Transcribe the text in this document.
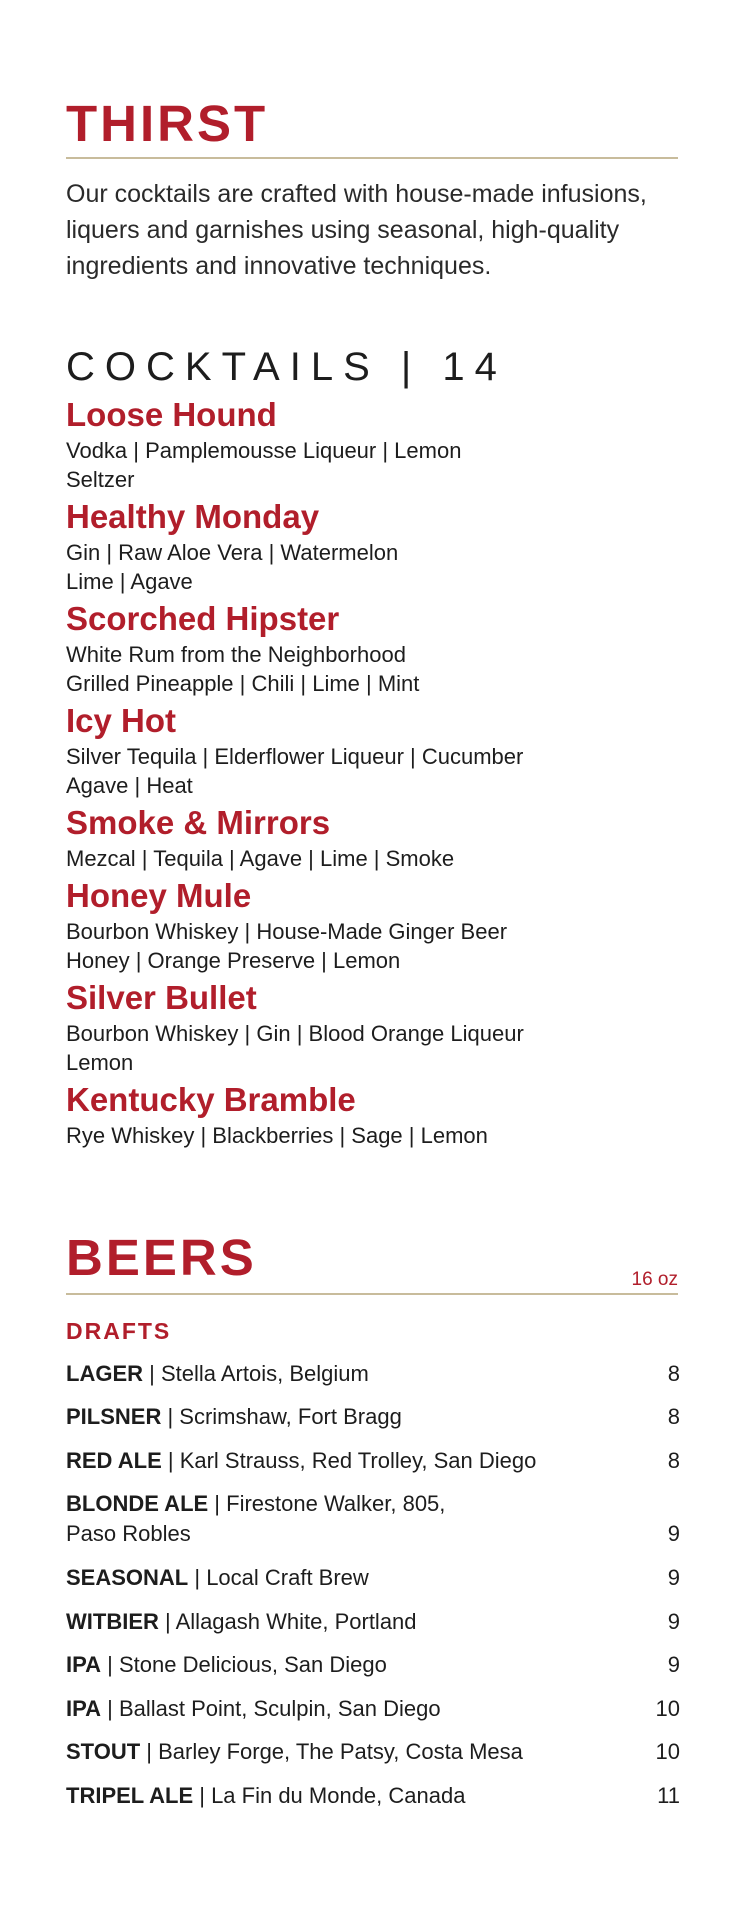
THIRST
Our cocktails are crafted with house-made infusions, liquers and garnishes using seasonal, high-quality ingredients and innovative techniques.
COCKTAILS | 14
Loose Hound
Vodka | Pamplemousse Liqueur | Lemon
Seltzer
Healthy Monday
Gin | Raw Aloe Vera | Watermelon
Lime | Agave
Scorched Hipster
White Rum from the Neighborhood
Grilled Pineapple | Chili | Lime | Mint
Icy Hot
Silver Tequila | Elderflower Liqueur | Cucumber
Agave | Heat
Smoke & Mirrors
Mezcal | Tequila | Agave | Lime | Smoke
Honey Mule
Bourbon Whiskey | House-Made Ginger Beer
Honey | Orange Preserve | Lemon
Silver Bullet
Bourbon Whiskey | Gin | Blood Orange Liqueur
Lemon
Kentucky Bramble
Rye Whiskey | Blackberries | Sage | Lemon
BEERS	16 oz
DRAFTS
LAGER | Stella Artois, Belgium	8
PILSNER | Scrimshaw, Fort Bragg	8
RED ALE | Karl Strauss, Red Trolley, San Diego	8
BLONDE ALE | Firestone Walker, 805,
Paso Robles	9
SEASONAL | Local Craft Brew	9
WITBIER | Allagash White, Portland	9
IPA | Stone Delicious, San Diego	9
IPA | Ballast Point, Sculpin, San Diego	10
STOUT | Barley Forge, The Patsy, Costa Mesa	10
TRIPEL ALE | La Fin du Monde, Canada	11
